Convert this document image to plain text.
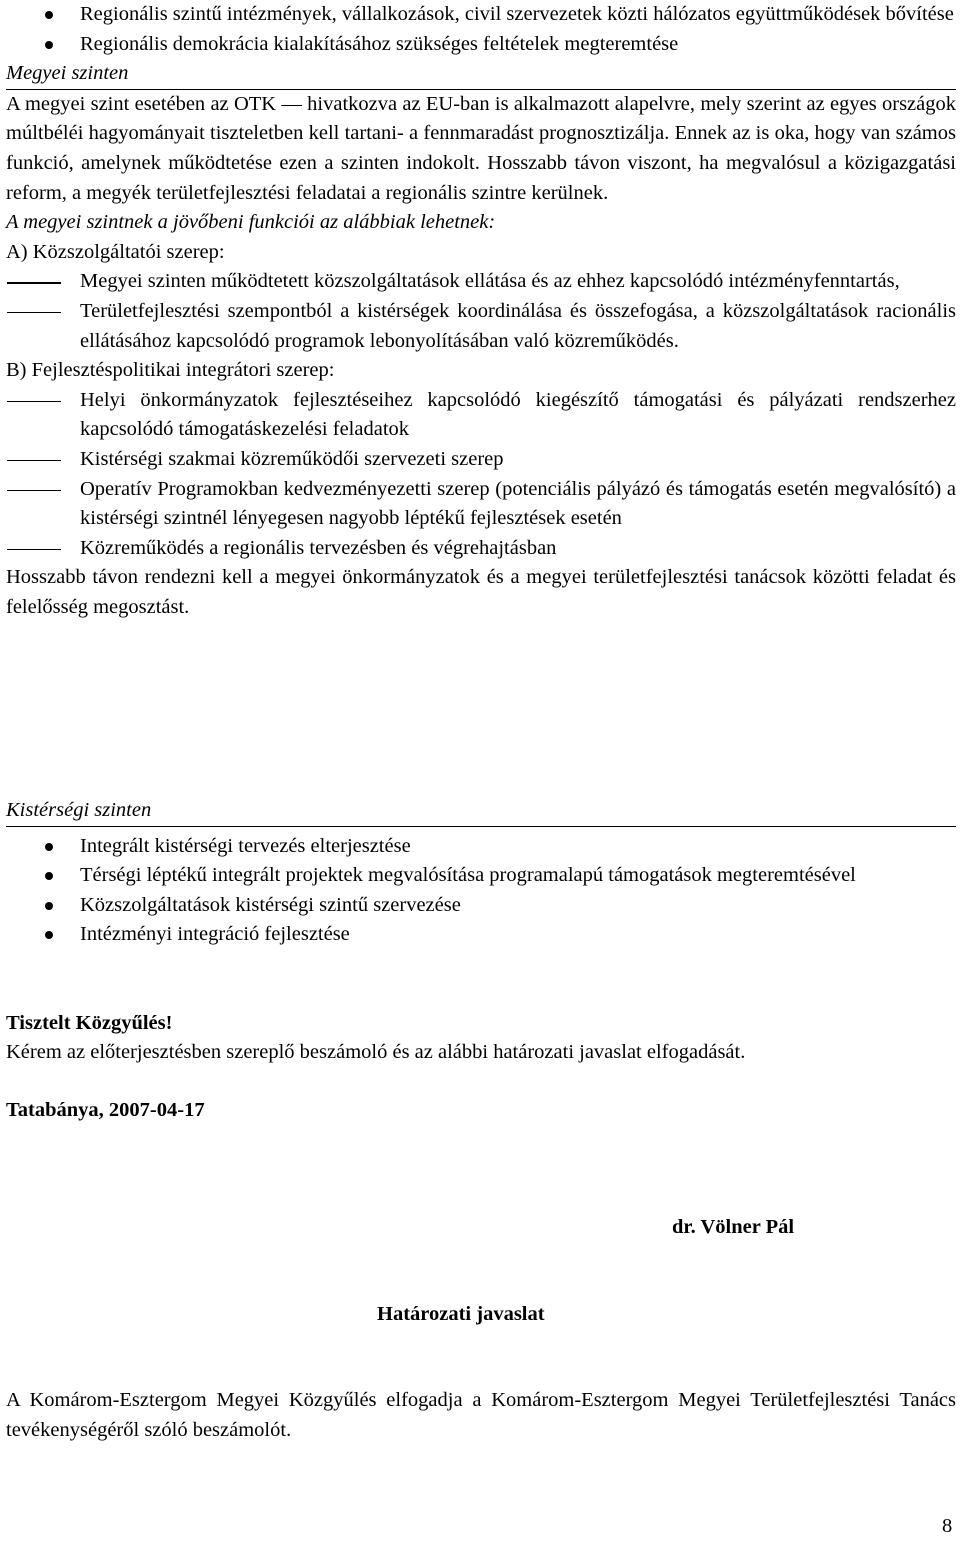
Regionális szintű intézmények, vállalkozások, civil szervezetek közti hálózatos együttműködések bővítése
Regionális demokrácia kialakításához szükséges feltételek megteremtése
Megyei szinten
A megyei szint esetében az OTK ― hivatkozva az EU-ban is alkalmazott alapelvre, mely szerint az egyes országok múltbéléi hagyományait tiszteletben kell tartani- a fennmaradást prognosztizálja. Ennek az is oka, hogy van számos funkció, amelynek működtetése ezen a szinten indokolt. Hosszabb távon viszont, ha megvalósul a közigazgatási reform, a megyék területfejlesztési feladatai a regionális szintre kerülnek.
A megyei szintnek a jövőbeni funkciói az alábbiak lehetnek:
A) Közszolgáltatói szerep:
Megyei szinten működtetett közszolgáltatások ellátása és az ehhez kapcsolódó intézményfenntartás,
Területfejlesztési szempontból a kistérségek koordinálása és összefogása, a közszolgáltatások racionális ellátásához kapcsolódó programok lebonyolításában való közreműködés.
B) Fejlesztéspolitikai integrátori szerep:
Helyi önkormányzatok fejlesztéseihez kapcsolódó kiegészítő támogatási és pályázati rendszerhez kapcsolódó támogatáskezelési feladatok
Kistérségi szakmai közreműködői szervezeti szerep
Operatív Programokban kedvezményezetti szerep (potenciális pályázó és támogatás esetén megvalósító) a kistérségi szintnél lényegesen nagyobb léptékű fejlesztések esetén
Közreműködés a regionális tervezésben és végrehajtásban
Hosszabb távon rendezni kell a megyei önkormányzatok és a megyei területfejlesztési tanácsok közötti feladat és felelősség megosztást.
Kistérségi szinten
Integrált kistérségi tervezés elterjesztése
Térségi léptékű integrált projektek megvalósítása programalapú támogatások megteremtésével
Közszolgáltatások kistérségi szintű szervezése
Intézményi integráció fejlesztése
Tisztelt Közgyűlés!
Kérem az előterjesztésben szereplő beszámoló és az alábbi határozati javaslat elfogadását.
Tatabánya, 2007-04-17
dr. Völner Pál
Határozati javaslat
A Komárom-Esztergom Megyei Közgyűlés elfogadja a Komárom-Esztergom Megyei Területfejlesztési Tanács tevékenységéről szóló beszámolót.
8
